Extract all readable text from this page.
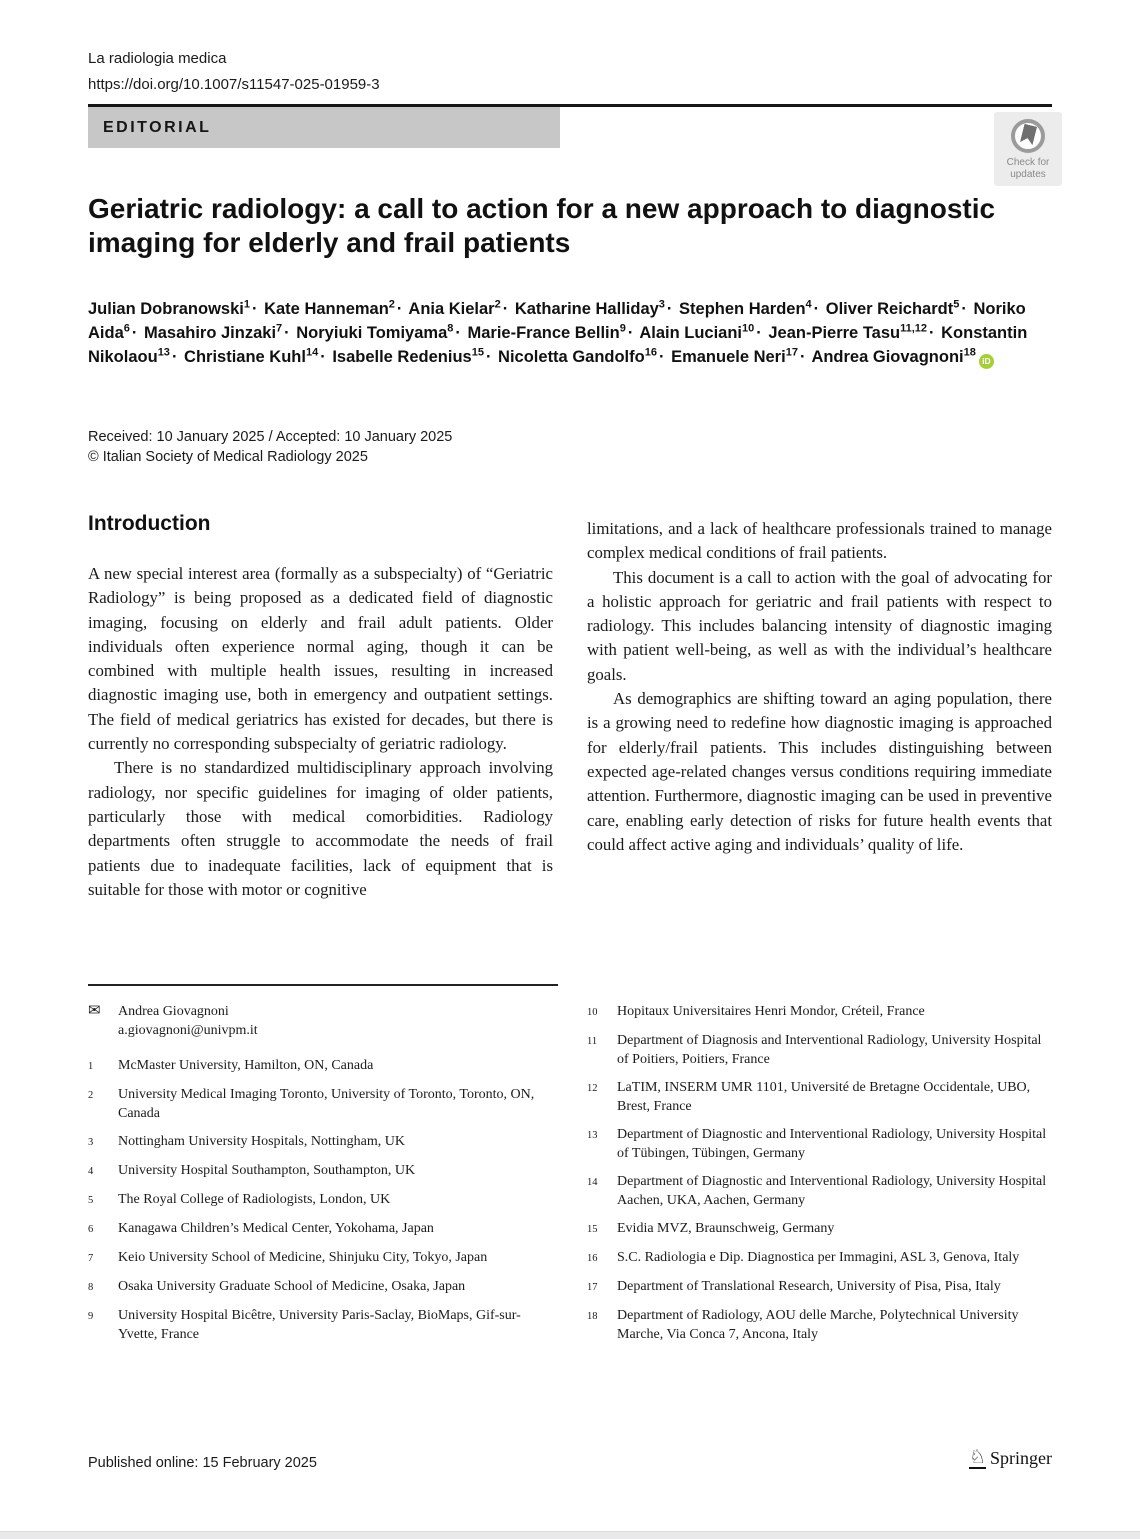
La radiologia medica
https://doi.org/10.1007/s11547-025-01959-3
EDITORIAL
Check for
updates
Geriatric radiology: a call to action for a new approach to diagnostic
imaging for elderly and frail patients
Julian Dobranowski$^1$ · Kate Hanneman$^2$ · Ania Kielar$^2$ · Katharine Halliday$^3$ · Stephen Harden$^4$ · Oliver Reichardt$^5$ · Noriko Aida$^6$ · Masahiro Jinzaki$^7$ · Noryiuki Tomiyama$^8$ · Marie-France Bellin$^9$ · Alain Luciani$^{10}$ · Jean-Pierre Tasu$^{11,12}$ · Konstantin Nikolaou$^{13}$ · Christiane Kuhl$^{14}$ · Isabelle Redenius$^{15}$ · Nicoletta Gandolfo$^{16}$ · Emanuele Neri$^{17}$ · Andrea Giovagnoni$^{18}$iD
Received: 10 January 2025 / Accepted: 10 January 2025
© Italian Society of Medical Radiology 2025
Introduction

A new special interest area (formally as a subspecialty) of “Geriatric Radiology” is being proposed as a dedicated field of diagnostic imaging, focusing on elderly and frail adult patients. Older individuals often experience normal aging, though it can be combined with multiple health issues, resulting in increased diagnostic imaging use, both in emergency and outpatient settings. The field of medical geriatrics has existed for decades, but there is currently no corresponding subspecialty of geriatric radiology.

There is no standardized multidisciplinary approach involving radiology, nor specific guidelines for imaging of older patients, particularly those with medical comorbidities. Radiology departments often struggle to accommodate the needs of frail patients due to inadequate facilities, lack of equipment that is suitable for those with motor or cognitive

limitations, and a lack of healthcare professionals trained to manage complex medical conditions of frail patients.

This document is a call to action with the goal of advocating for a holistic approach for geriatric and frail patients with respect to radiology. This includes balancing intensity of diagnostic imaging with patient well-being, as well as with the individual’s healthcare goals.

As demographics are shifting toward an aging population, there is a growing need to redefine how diagnostic imaging is approached for elderly/frail patients. This includes distinguishing between expected age-related changes versus conditions requiring immediate attention. Furthermore, diagnostic imaging can be used in preventive care, enabling early detection of risks for future health events that could affect active aging and individuals’ quality of life.

✉	Andrea Giovagnoni
a.giovagnoni@univpm.it
1	McMaster University, Hamilton, ON, Canada
2	University Medical Imaging Toronto, University of Toronto, Toronto, ON, Canada
3	Nottingham University Hospitals, Nottingham, UK
4	University Hospital Southampton, Southampton, UK
5	The Royal College of Radiologists, London, UK
6	Kanagawa Children’s Medical Center, Yokohama, Japan
7	Keio University School of Medicine, Shinjuku City, Tokyo, Japan
8	Osaka University Graduate School of Medicine, Osaka, Japan
9	University Hospital Bicêtre, University Paris-Saclay, BioMaps, Gif-sur-Yvette, France
10	Hopitaux Universitaires Henri Mondor, Créteil, France
11	Department of Diagnosis and Interventional Radiology, University Hospital of Poitiers, Poitiers, France
12	LaTIM, INSERM UMR 1101, Université de Bretagne Occidentale, UBO, Brest, France
13	Department of Diagnostic and Interventional Radiology, University Hospital of Tübingen, Tübingen, Germany
14	Department of Diagnostic and Interventional Radiology, University Hospital Aachen, UKA, Aachen, Germany
15	Evidia MVZ, Braunschweig, Germany
16	S.C. Radiologia e Dip. Diagnostica per Immagini, ASL 3, Genova, Italy
17	Department of Translational Research, University of Pisa, Pisa, Italy
18	Department of Radiology, AOU delle Marche, Polytechnical University Marche, Via Conca 7, Ancona, Italy
Published online: 15 February 2025	♘ Springer
